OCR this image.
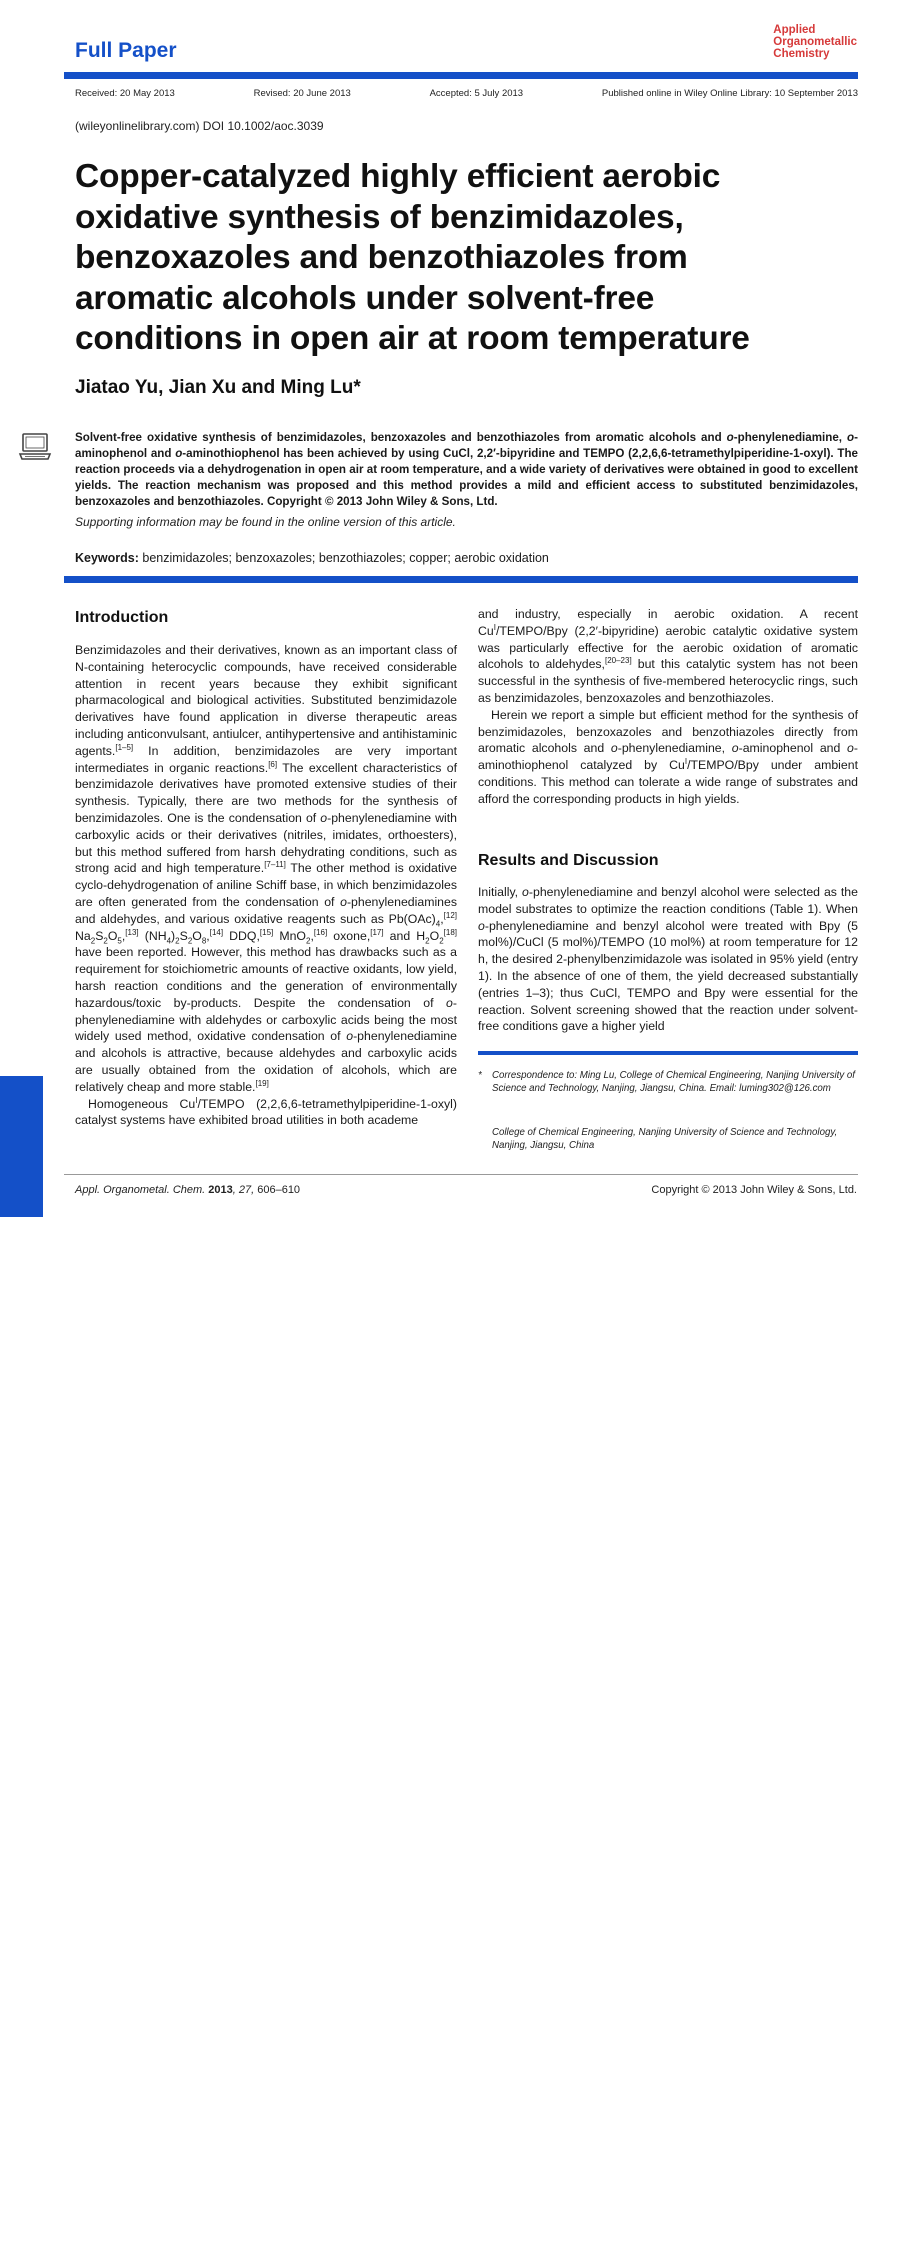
Full Paper
Applied
Organometallic
Chemistry
Received: 20 May 2013	Revised: 20 June 2013	Accepted: 5 July 2013	Published online in Wiley Online Library: 10 September 2013
(wileyonlinelibrary.com) DOI 10.1002/aoc.3039
Copper-catalyzed highly efficient aerobic oxidative synthesis of benzimidazoles, benzoxazoles and benzothiazoles from aromatic alcohols under solvent-free conditions in open air at room temperature
Jiatao Yu, Jian Xu and Ming Lu*
Solvent-free oxidative synthesis of benzimidazoles, benzoxazoles and benzothiazoles from aromatic alcohols and o-phenylenediamine, o-aminophenol and o-aminothiophenol has been achieved by using CuCl, 2,2′-bipyridine and TEMPO (2,2,6,6-tetramethylpiperidine-1-oxyl). The reaction proceeds via a dehydrogenation in open air at room temperature, and a wide variety of derivatives were obtained in good to excellent yields. The reaction mechanism was proposed and this method provides a mild and efficient access to substituted benzimidazoles, benzoxazoles and benzothiazoles. Copyright © 2013 John Wiley & Sons, Ltd.
Supporting information may be found in the online version of this article.
Keywords: benzimidazoles; benzoxazoles; benzothiazoles; copper; aerobic oxidation
Introduction

Benzimidazoles and their derivatives, known as an important class of N-containing heterocyclic compounds, have received considerable attention in recent years because they exhibit significant pharmacological and biological activities. Substituted benzimidazole derivatives have found application in diverse therapeutic areas including anticonvulsant, antiulcer, antihypertensive and antihistaminic agents.[1–5] In addition, benzimidazoles are very important intermediates in organic reactions.[6] The excellent characteristics of benzimidazole derivatives have promoted extensive studies of their synthesis. Typically, there are two methods for the synthesis of benzimidazoles. One is the condensation of o-phenylenediamine with carboxylic acids or their derivatives (nitriles, imidates, orthoesters), but this method suffered from harsh dehydrating conditions, such as strong acid and high temperature.[7–11] The other method is oxidative cyclo-dehydrogenation of aniline Schiff base, in which benzimidazoles are often generated from the condensation of o-phenylenediamines and aldehydes, and various oxidative reagents such as $Pb(OAc)_4,[12]$ $Na_2S_2O_5,[13]$ $(NH_4)_2S_2O_8,[14]$ DDQ,[15] MnO$_2$,[16] oxone,[17] and $H_2O_2[18]$ have been reported. However, this method has drawbacks such as a requirement for stoichiometric amounts of reactive oxidants, low yield, harsh reaction conditions and the generation of environmentally hazardous/toxic by-products. Despite the condensation of o-phenylenediamine with aldehydes or carboxylic acids being the most widely used method, oxidative condensation of o-phenylenediamine and alcohols is attractive, because aldehydes and carboxylic acids are usually obtained from the oxidation of alcohols, which are relatively cheap and more stable.[19]

Homogeneous $Cu^I$/TEMPO (2,2,6,6-tetramethylpiperidine-1-oxyl) catalyst systems have exhibited broad utilities in both academe

and industry, especially in aerobic oxidation. A recent $Cu^I/TEMPO$/Bpy (2,2′-bipyridine) aerobic catalytic oxidative system was particularly effective for the aerobic oxidation of aromatic alcohols to aldehydes,[20–23] but this catalytic system has not been successful in the synthesis of five-membered heterocyclic rings, such as benzimidazoles, benzoxazoles and benzothiazoles.

Herein we report a simple but efficient method for the synthesis of benzimidazoles, benzoxazoles and benzothiazoles directly from aromatic alcohols and o-phenylenediamine, o-aminophenol and o-aminothiophenol catalyzed by $Cu^I/TEMPO$/Bpy under ambient conditions. This method can tolerate a wide range of substrates and afford the corresponding products in high yields.

Results and Discussion

Initially, o-phenylenediamine and benzyl alcohol were selected as the model substrates to optimize the reaction conditions (Table 1). When o-phenylenediamine and benzyl alcohol were treated with Bpy (5 mol%)/CuCl (5 mol%)/TEMPO (10 mol%) at room temperature for 12 h, the desired 2-phenylbenzimidazole was isolated in 95% yield (entry 1). In the absence of one of them, the yield decreased substantially (entries 1–3); thus CuCl, TEMPO and Bpy were essential for the reaction. Solvent screening showed that the reaction under solvent-free conditions gave a higher yield

*	Correspondence to: Ming Lu, College of Chemical Engineering, Nanjing University of Science and Technology, Nanjing, Jiangsu, China. Email: luming302@126.com
College of Chemical Engineering, Nanjing University of Science and Technology, Nanjing, Jiangsu, China
606
Appl. Organometal. Chem. 2013, 27, 606–610	Copyright © 2013 John Wiley & Sons, Ltd.
